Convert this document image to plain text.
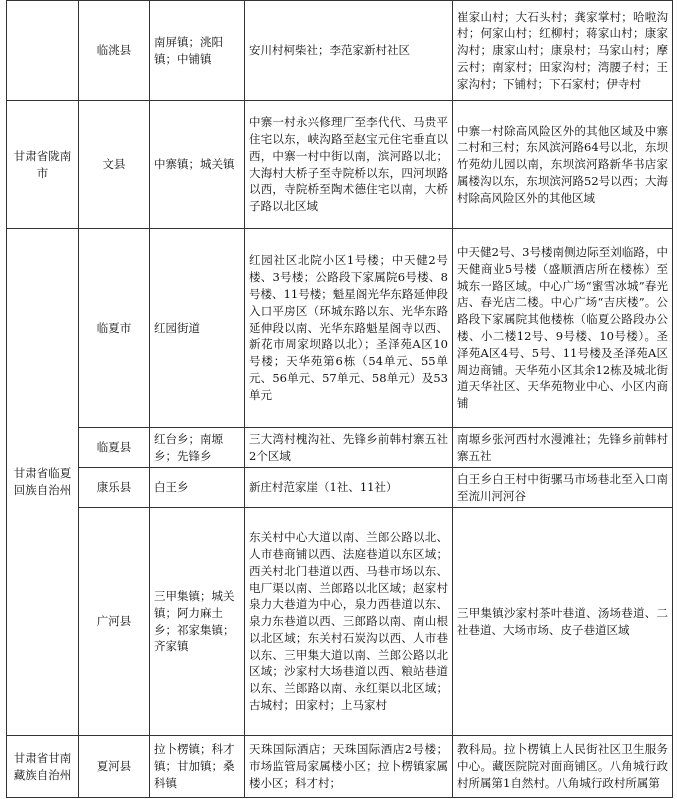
	临洮县	南屏镇；洮阳镇；中铺镇	安川村柯柴社；李范家新村社区	崔家山村；大石头村；龚家掌村；哈啦沟村；何家山村；红柳村；蒋家山村；康家沟村；康家山村；康泉村；马家山村；摩云村；南家村；田家沟村；湾腰子村；王家沟村；下铺村；下石家村；伊寺村
甘肃省陇南市	文县	中寨镇；城关镇	中寨一村永兴修理厂至李代代、马贵平住宅以东，峡沟路至赵宝元住宅垂直以西，中寨一村中街以南，滨河路以北；大海村大桥子至寺院桥以东，四河坝路以西，寺院桥至陶术德住宅以南，大桥子路以北区域	中寨一村除高风险区外的其他区域及中寨二村和三村；东风滨河路64号以北，东坝竹苑幼儿园以南，东坝滨河路新华书店家属楼沟以东，东坝滨河路52号以西；大海村除高风险区外的其他区域
甘肃省临夏回族自治州	临夏市	红园街道	红园社区北院小区1号楼；中天健2号楼、3号楼；公路段下家属院6号楼、8号楼、11号楼；魁星阁光华东路延伸段入口平房区（环城东路以东、光华东路延伸段以南、光华东路魁星阁寺以西、新花市周家坝路以北）；圣泽苑A区10号楼；天华苑第6栋（54单元、55单元、56单元、57单元、58单元）及53单元	中天健2号、3号楼南侧边际至刘临路，中天健商业5号楼（盛顺酒店所在楼栋）至城东一路区域。中心广场“蜜雪冰城”春光店、春光店二楼。中心广场“吉庆楼”。公路段下家属院其他楼栋（临夏公路段办公楼、小二楼12号、9号楼、10号楼）。圣泽苑A区4号、5号、11号楼及圣泽苑A区周边商铺。天华苑小区其余12栋及城北街道天华社区、天华苑物业中心、小区内商铺
	临夏县	红台乡；南塬乡；先锋乡	三大湾村槐沟社、先锋乡前韩村寨五社2个区域	南塬乡张河西村水漫滩社；先锋乡前韩村寨五社
	康乐县	白王乡	新庄村范家崖（1社、11社）	白王乡白王村中街骡马市场巷北至入口南至流川河河谷
	广河县	三甲集镇；城关镇；阿力麻土乡；祁家集镇；齐家镇	东关村中心大道以南、兰郎公路以北、人市巷商铺以西、法庭巷道以东区域；西关村北门巷道以西、马巷市场以东、电厂渠以南、兰郎路以北区域；赵家村泉力大巷道为中心，泉力西巷道以东、泉力东巷道以西、三郎路以南、南山根以北区域；东关村石炭沟以西、人市巷以东、三甲集大道以南、兰郎公路以北区域；沙家村大场巷道以西、粮站巷道以东、兰郎路以南、永红渠以北区域；古城村；田家村；上马家村	三甲集镇沙家村茶叶巷道、汤场巷道、二社巷道、大场市场、皮子巷道区域
甘肃省甘南藏族自治州	夏河县	拉卜楞镇；科才镇；甘加镇；桑科镇	天珠国际酒店；天珠国际酒店2号楼；市场监管局家属楼小区；拉卜楞镇家属楼小区；科才村；	教科局。拉卜楞镇上人民街社区卫生服务中心。藏医院院对面商铺区。八角城行政村所属第1自然村。八角城行政村所属第
